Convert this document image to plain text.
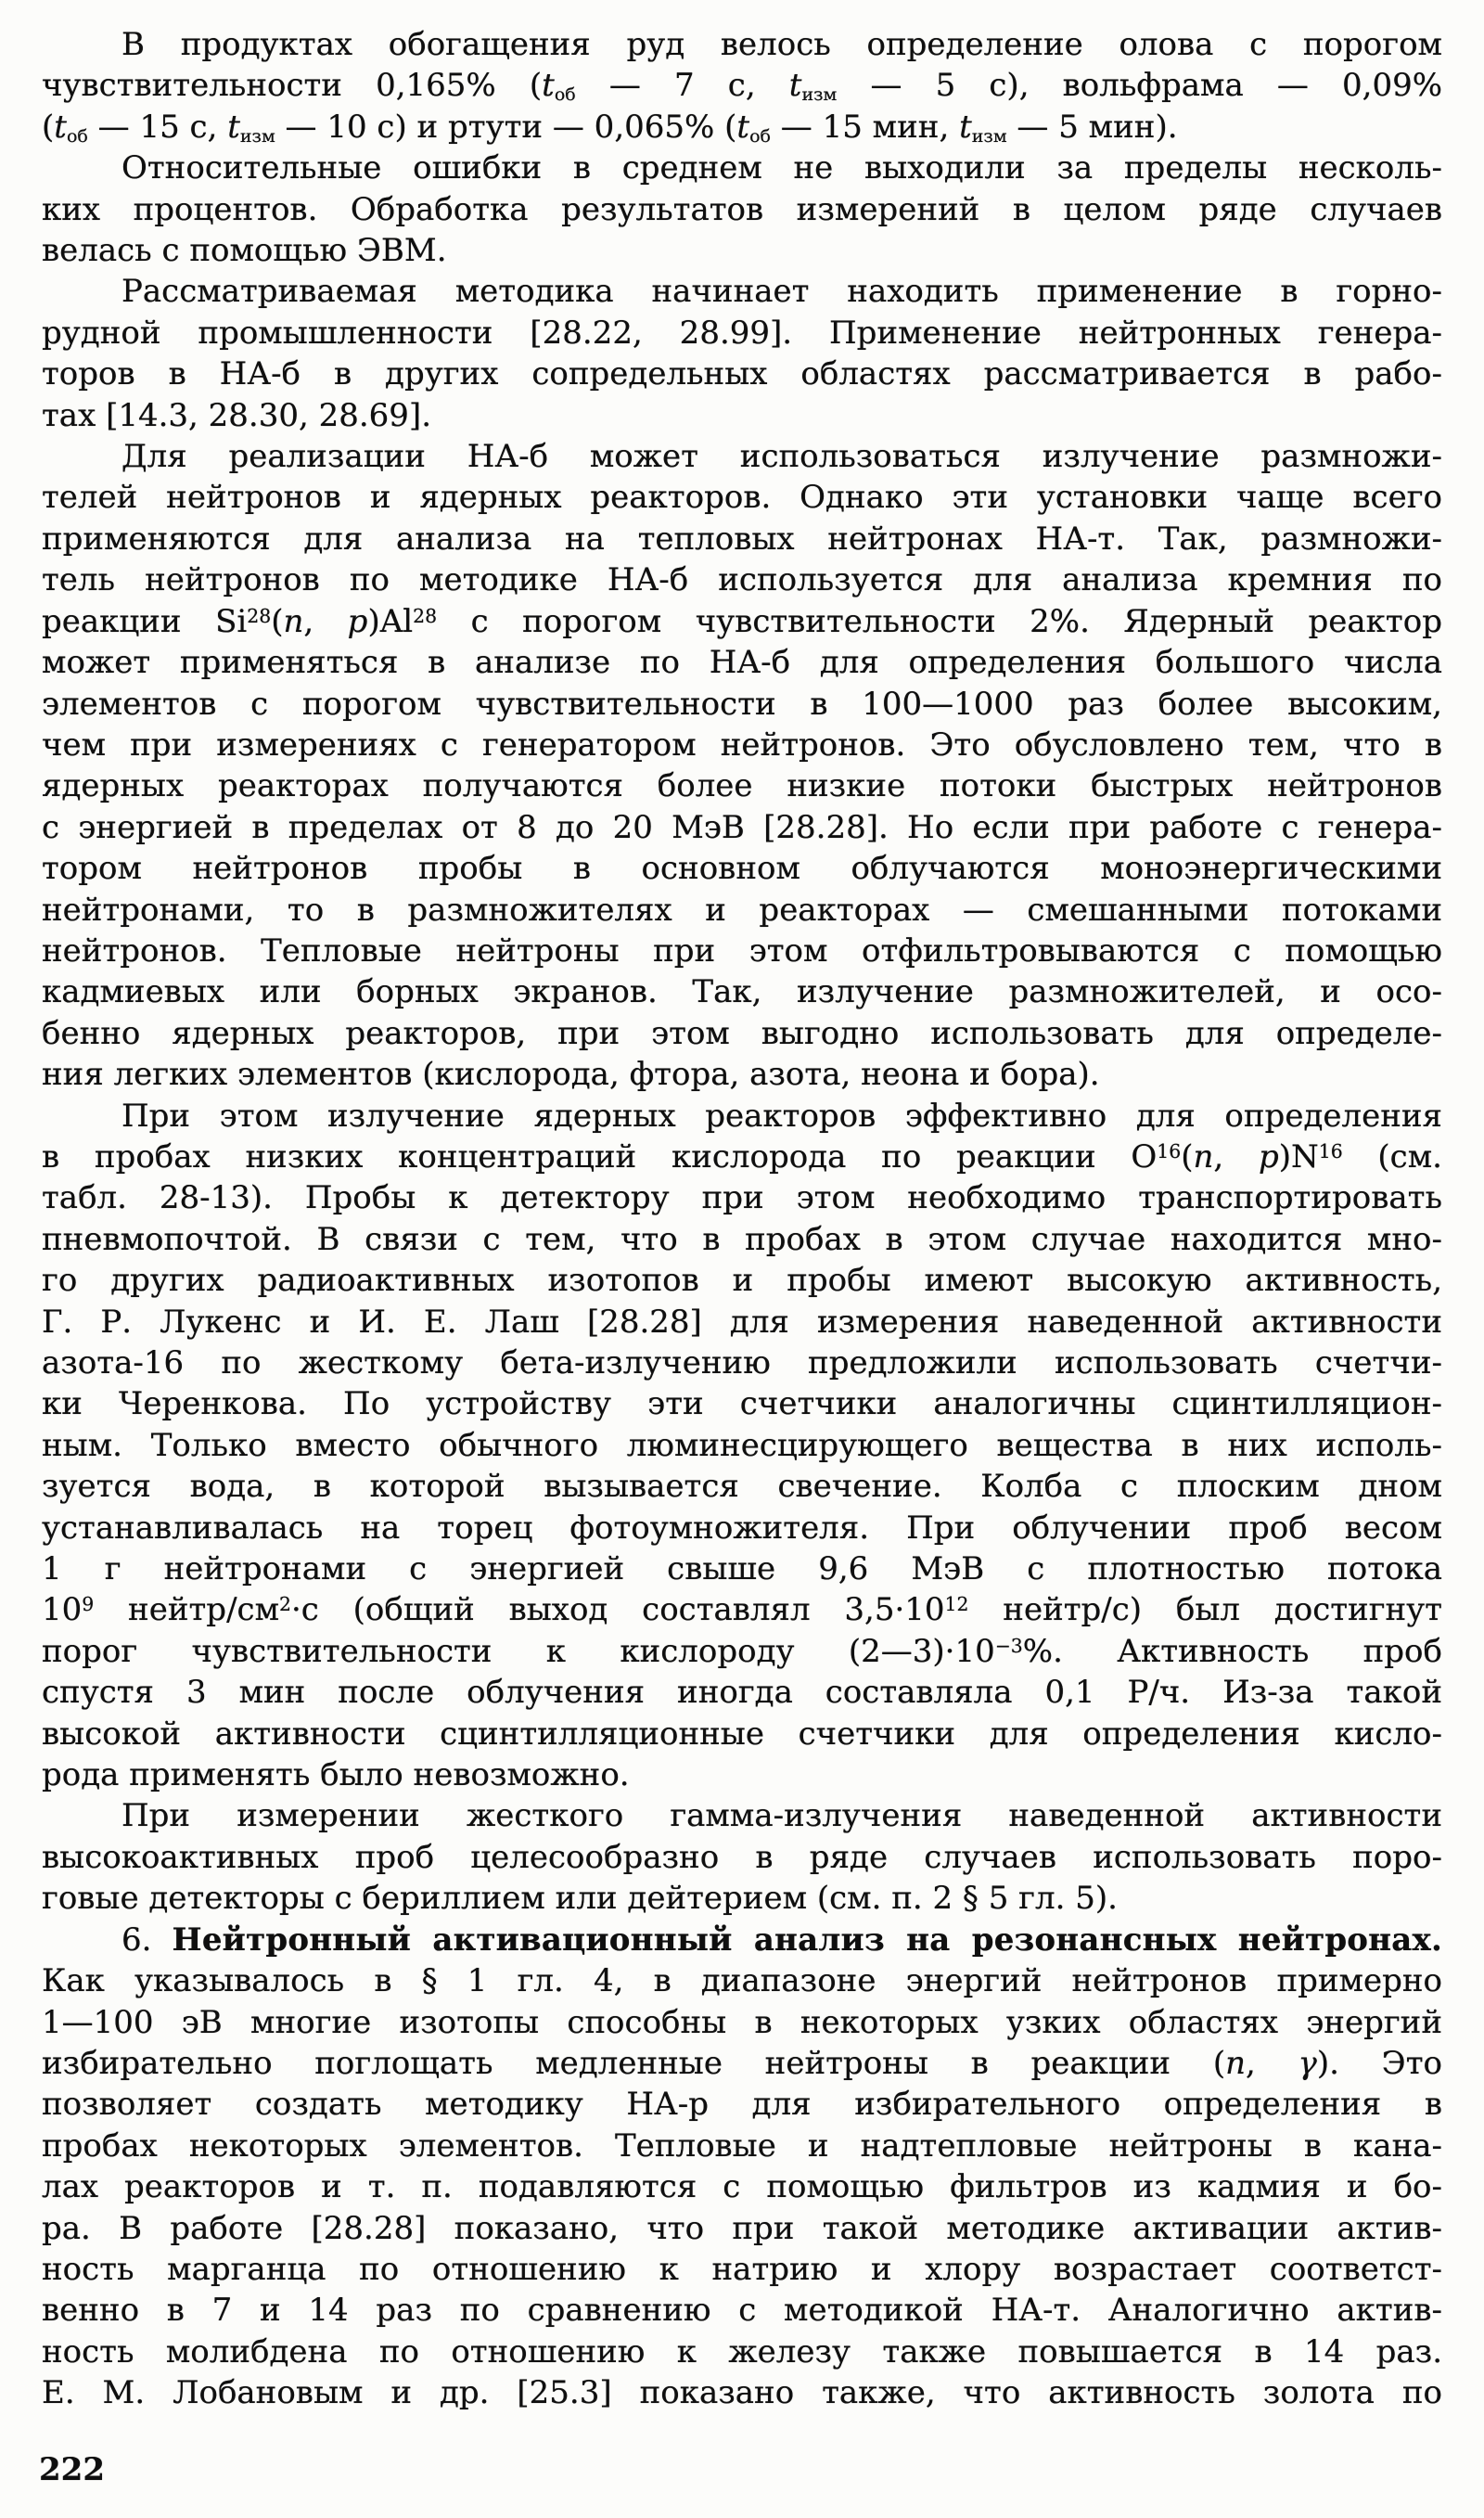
В продуктах обогащения руд велось определение олова с порогом
чувствительности 0,165% ($t_{об}$ — 7 с, $t_{изм}$ — 5 с), вольфрама — 0,09%
($t_{об}$ — 15 с, $t_{изм}$ — 10 с) и ртути — 0,065% ($t_{об}$ — 15 мин, $t_{изм}$ — 5 мин).
Относительные ошибки в среднем не выходили за пределы несколь-
ких процентов. Обработка результатов измерений в целом ряде случаев
велась с помощью ЭВМ.
Рассматриваемая методика начинает находить применение в горно-
рудной промышленности [28.22, 28.99]. Применение нейтронных генера-
торов в НА-б в других сопредельных областях рассматривается в рабо-
тах [14.3, 28.30, 28.69].
Для реализации НА-б может использоваться излучение размножи-
телей нейтронов и ядерных реакторов. Однако эти установки чаще всего
применяются для анализа на тепловых нейтронах НА-т. Так, размножи-
тель нейтронов по методике НА-б используется для анализа кремния по
реакции Si$^{28}$(n, p)Al$^{28}$ с порогом чувствительности 2%. Ядерный реактор
может применяться в анализе по НА-б для определения большого числа
элементов с порогом чувствительности в 100—1000 раз более высоким,
чем при измерениях с генератором нейтронов. Это обусловлено тем, что в
ядерных реакторах получаются более низкие потоки быстрых нейтронов
с энергией в пределах от 8 до 20 МэВ [28.28]. Но если при работе с генера-
тором нейтронов пробы в основном облучаются моноэнергическими
нейтронами, то в размножителях и реакторах — смешанными потоками
нейтронов. Тепловые нейтроны при этом отфильтровываются с помощью
кадмиевых или борных экранов. Так, излучение размножителей, и осо-
бенно ядерных реакторов, при этом выгодно использовать для определе-
ния легких элементов (кислорода, фтора, азота, неона и бора).
При этом излучение ядерных реакторов эффективно для определения
в пробах низких концентраций кислорода по реакции $O^{16}(n$, $p)N^{16}$ (см.
табл. 28-13). Пробы к детектору при этом необходимо транспортировать
пневмопочтой. В связи с тем, что в пробах в этом случае находится мно-
го других радиоактивных изотопов и пробы имеют высокую активность,
Г. Р. Лукенс и И. Е. Лаш [28.28] для измерения наведенной активности
азота-16 по жесткому бета-излучению предложили использовать счетчи-
ки Черенкова. По устройству эти счетчики аналогичны сцинтилляцион-
ным. Только вместо обычного люминесцирующего вещества в них исполь-
зуется вода, в которой вызывается свечение. Колба с плоским дном
устанавливалась на торец фотоумножителя. При облучении проб весом
1 г нейтронами с энергией свыше 9,6 МэВ с плотностью потока
$10^9$ нейтр/$см^2\cdot с$ (общий выход составлял $3,5\cdot 10^{12}$ нейтр/с) был достигнут
порог чувствительности к кислороду $(2—3)\cdot 10^{-3}\%$. Активность проб
спустя 3 мин после облучения иногда составляла 0,1 Р/ч. Из-за такой
высокой активности сцинтилляционные счетчики для определения кисло-
рода применять было невозможно.
При измерении жесткого гамма-излучения наведенной активности
высокоактивных проб целесообразно в ряде случаев использовать поро-
говые детекторы с бериллием или дейтерием (см. п. 2 § 5 гл. 5).
6. Нейтронный активационный анализ на резонансных нейтронах.
Как указывалось в § 1 гл. 4, в диапазоне энергий нейтронов примерно
1—100 эВ многие изотопы способны в некоторых узких областях энергий
избирательно поглощать медленные нейтроны в реакции (n, γ). Это
позволяет создать методику НА-р для избирательного определения в
пробах некоторых элементов. Тепловые и надтепловые нейтроны в кана-
лах реакторов и т. п. подавляются с помощью фильтров из кадмия и бо-
ра. В работе [28.28] показано, что при такой методике активации актив-
ность марганца по отношению к натрию и хлору возрастает соответст-
венно в 7 и 14 раз по сравнению с методикой НА-т. Аналогично актив-
ность молибдена по отношению к железу также повышается в 14 раз.
Е. М. Лобановым и др. [25.3] показано также, что активность золота по
222
